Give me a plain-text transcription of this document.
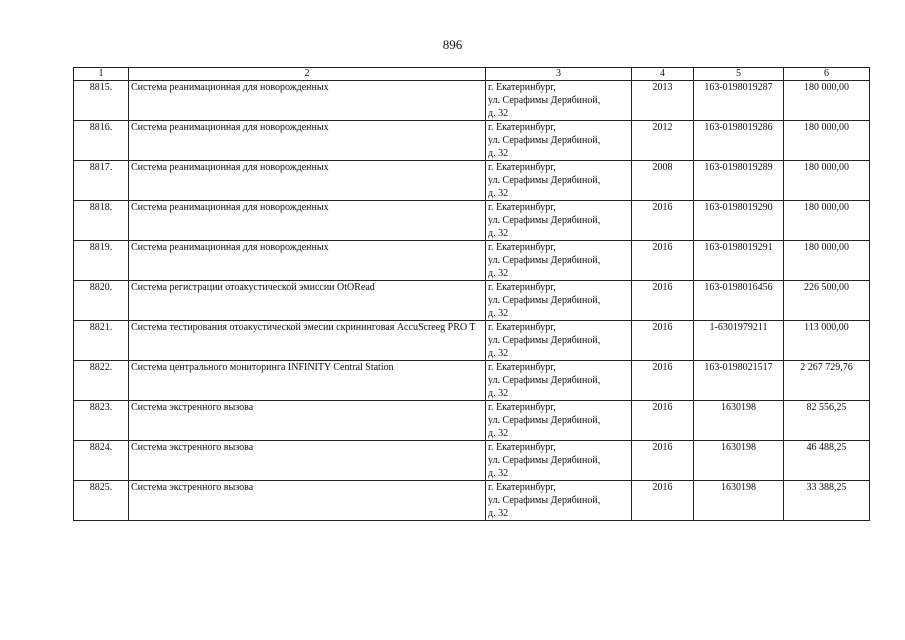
896
1	2	3	4	5	6
8815.	Система реанимационная для новорожденных	г. Екатеринбург,
ул. Серафимы Дерябиной,
д. 32	2013	163-0198019287	180 000,00
8816.	Система реанимационная для новорожденных	г. Екатеринбург,
ул. Серафимы Дерябиной,
д. 32	2012	163-0198019286	180 000,00
8817.	Система реанимационная для новорожденных	г. Екатеринбург,
ул. Серафимы Дерябиной,
д. 32	2008	163-0198019289	180 000,00
8818.	Система реанимационная для новорожденных	г. Екатеринбург,
ул. Серафимы Дерябиной,
д. 32	2016	163-0198019290	180 000,00
8819.	Система реанимационная для новорожденных	г. Екатеринбург,
ул. Серафимы Дерябиной,
д. 32	2016	163-0198019291	180 000,00
8820.	Система регистрации отоакустической эмиссии OtORead	г. Екатеринбург,
ул. Серафимы Дерябиной,
д. 32	2016	163-0198016456	226 500,00
8821.	Система тестирования отоакустической эмесии скрининговая AccuScreeg PRO T	г. Екатеринбург,
ул. Серафимы Дерябиной,
д. 32	2016	1-6301979211	113 000,00
8822.	Система центрального мониторинга INFINITY Central Station	г. Екатеринбург,
ул. Серафимы Дерябиной,
д. 32	2016	163-0198021517	2 267 729,76
8823.	Система экстренного вызова	г. Екатеринбург,
ул. Серафимы Дерябиной,
д. 32	2016	1630198	82 556,25
8824.	Система экстренного вызова	г. Екатеринбург,
ул. Серафимы Дерябиной,
д. 32	2016	1630198	46 488,25
8825.	Система экстренного вызова	г. Екатеринбург,
ул. Серафимы Дерябиной,
д. 32	2016	1630198	33 388,25
